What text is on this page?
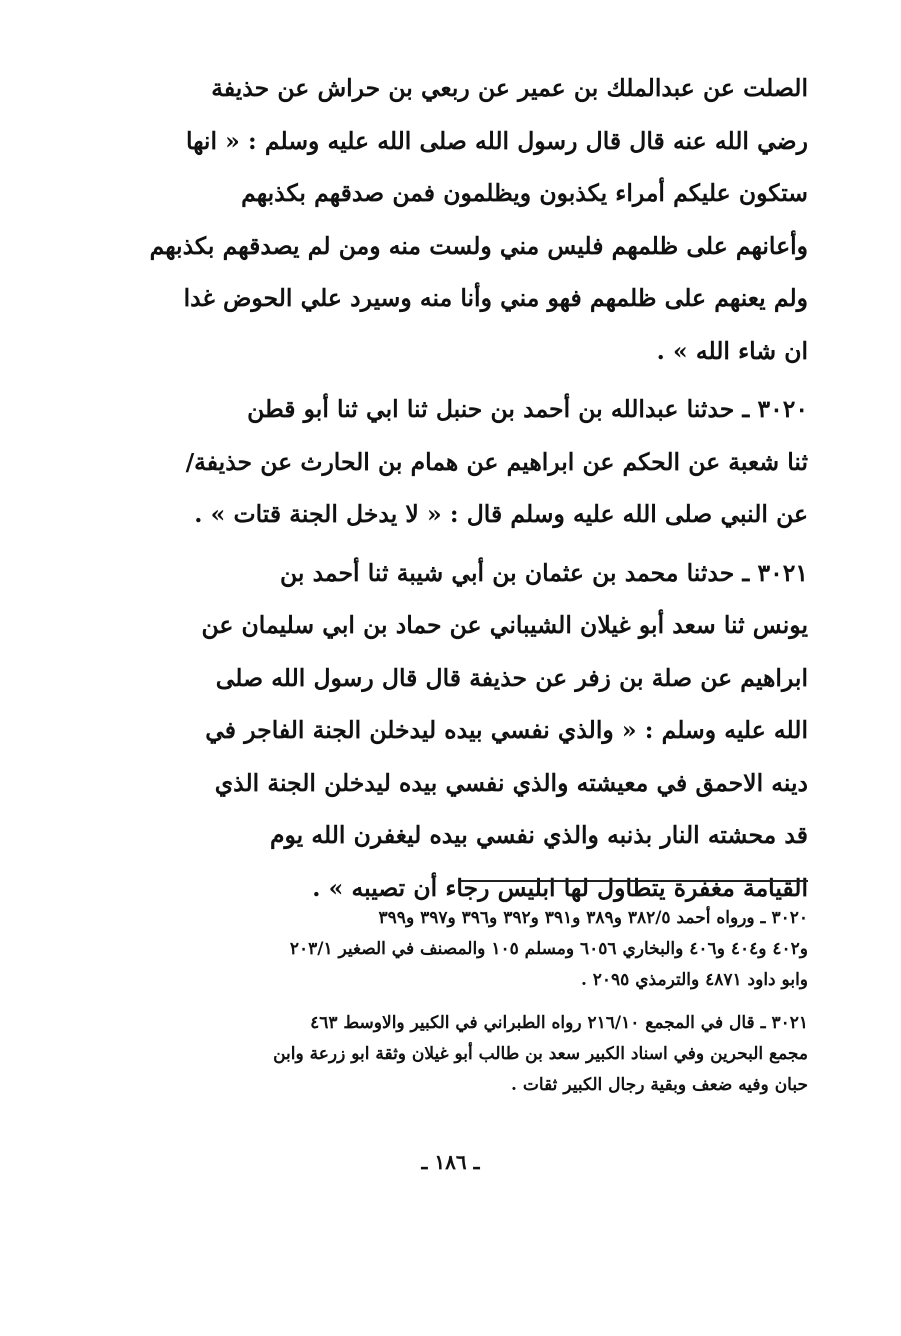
الصلت عن عبدالملك بن عمير عن ربعي بن حراش عن حذيفة
رضي الله عنه قال قال رسول الله صلى الله عليه وسلم : « انها
ستكون عليكم أمراء يكذبون ويظلمون فمن صدقهم بكذبهم
وأعانهم على ظلمهم فليس مني ولست منه ومن لم يصدقهم بكذبهم
ولم يعنهم على ظلمهم فهو مني وأنا منه وسيرد علي الحوض غدا
ان شاء الله » .
٣٠٢٠ ـ حدثنا عبدالله بن أحمد بن حنبل ثنا ابي ثنا أبو قطن
ثنا شعبة عن الحكم عن ابراهيم عن همام بن الحارث عن حذيفة/
عن النبي صلى الله عليه وسلم قال : « لا يدخل الجنة قتات » .
٣٠٢١ ـ حدثنا محمد بن عثمان بن أبي شيبة ثنا أحمد بن
يونس ثنا سعد أبو غيلان الشيباني عن حماد بن ابي سليمان عن
ابراهيم عن صلة بن زفر عن حذيفة قال قال رسول الله صلى
الله عليه وسلم : « والذي نفسي بيده ليدخلن الجنة الفاجر في
دينه الاحمق في معيشته والذي نفسي بيده ليدخلن الجنة الذي
قد محشته النار بذنبه والذي نفسي بيده ليغفرن الله يوم
القيامة مغفرة يتطاول لها ابليس رجاء أن تصيبه » .
٣٠٢٠ ـ ورواه أحمد ٣٨٢/٥ و٣٨٩ و٣٩١ و٣٩٢ و٣٩٦ و٣٩٧ و٣٩٩
و٤٠٢ و٤٠٤ و٤٠٦ والبخاري ٦٠٥٦ ومسلم ١٠٥ والمصنف في الصغير ٢٠٣/١
وابو داود ٤٨٧١ والترمذي ٢٠٩٥ .
٣٠٢١ ـ قال في المجمع ٢١٦/١٠ رواه الطبراني في الكبير والاوسط ٤٦٣
مجمع البحرين وفي اسناد الكبير سعد بن طالب أبو غيلان وثقة ابو زرعة وابن
حبان وفيه ضعف وبقية رجال الكبير ثقات .
ـ ١٨٦ ـ
